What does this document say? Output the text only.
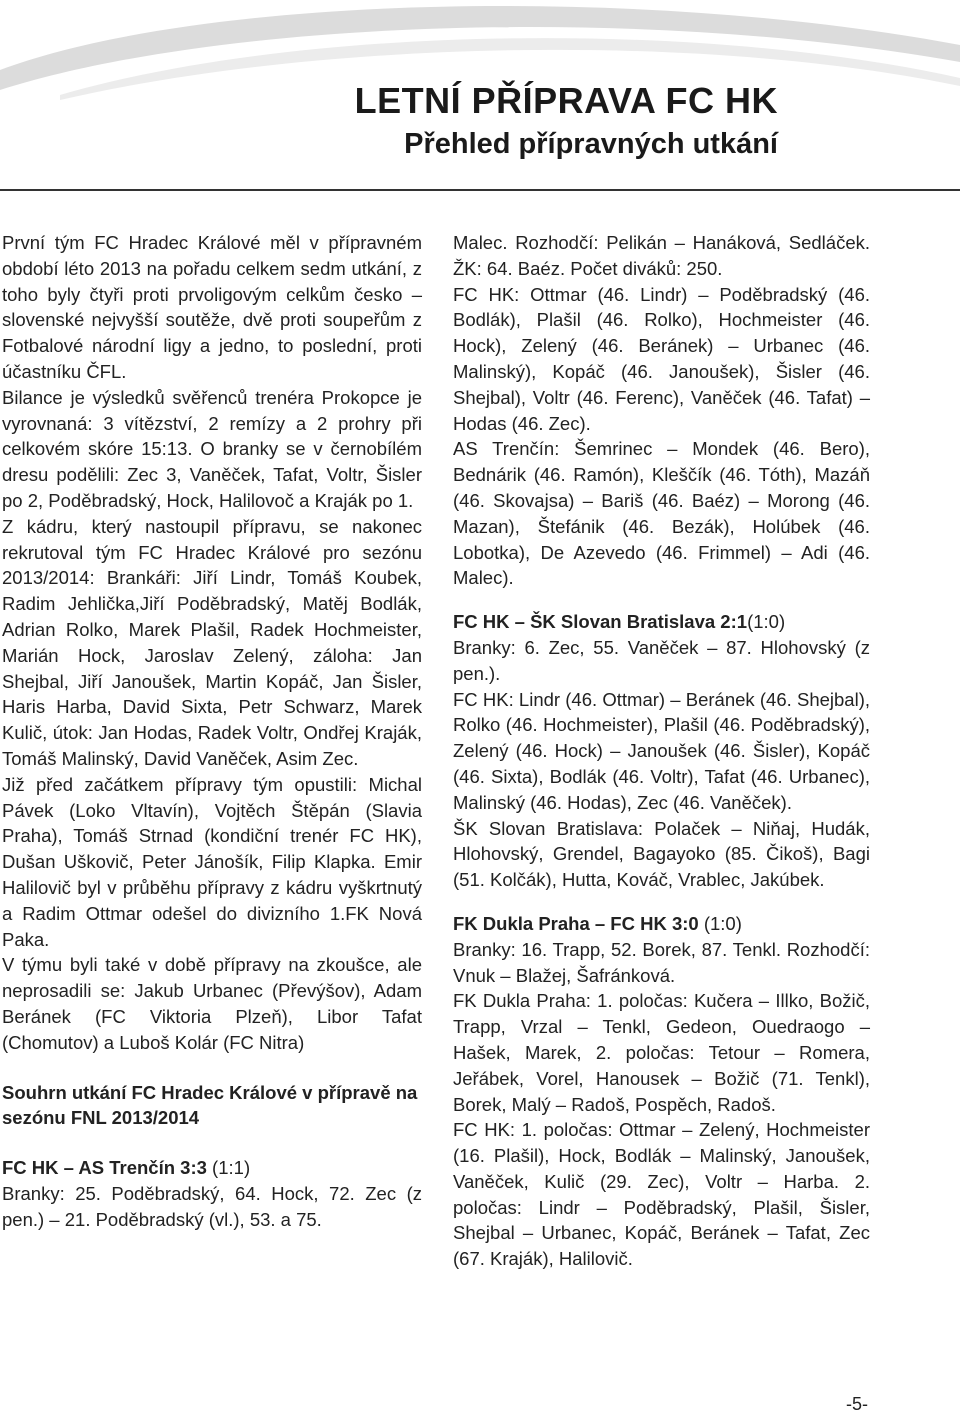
LETNÍ PŘÍPRAVA FC HK
Přehled přípravných utkání

První tým FC Hradec Králové měl v přípravném období léto 2013 na pořadu celkem sedm utkání, z toho byly čtyři proti prvoligovým celkům česko – slovenské nejvyšší soutěže, dvě proti soupeřům z Fotbalové národní ligy a jedno, to poslední, proti účastníku ČFL.

Bilance je výsledků svěřenců trenéra Prokopce je vyrovnaná: 3 vítězství, 2 remízy a 2 prohry při celkovém skóre 15:13. O branky se v černobílém dresu podělili: Zec 3, Vaněček, Tafat, Voltr, Šisler po 2, Poděbradský, Hock, Halilovoč a Kraják po 1.

Z kádru, který nastoupil přípravu, se nakonec rekrutoval tým FC Hradec Králové pro sezónu 2013/2014: Brankáři: Jiří Lindr, Tomáš Koubek, Radim Jehlička,Jiří Poděbradský, Matěj Bodlák, Adrian Rolko, Marek Plašil, Radek Hochmeister, Marián Hock, Jaroslav Zelený, záloha: Jan Shejbal, Jiří Janoušek, Martin Kopáč, Jan Šisler, Haris Harba, David Sixta, Petr Schwarz, Marek Kulič, útok: Jan Hodas, Radek Voltr, Ondřej Kraják, Tomáš Malinský, David Vaněček, Asim Zec.

Již před začátkem přípravy tým opustili: Michal Pávek (Loko Vltavín), Vojtěch Štěpán (Slavia Praha), Tomáš Strnad (kondiční trenér FC HK), Dušan Uškovič, Peter Jánošík, Filip Klapka. Emir Halilovič byl v průběhu přípravy z kádru vyškrtnutý a Radim Ottmar odešel do divizního 1.FK Nová Paka.

V týmu byli také v době přípravy na zkoušce, ale neprosadili se: Jakub Urbanec (Převýšov), Adam Beránek (FC Viktoria Plzeň), Libor Tafat (Chomutov) a Luboš Kolár (FC Nitra)

Souhrn utkání FC Hradec Králové v přípravě na sezónu FNL 2013/2014

FC HK – AS Trenčín 3:3 (1:1)

Branky: 25. Poděbradský, 64. Hock, 72. Zec (z pen.) – 21. Poděbradský (vl.), 53. a 75.

Malec. Rozhodčí: Pelikán – Hanáková, Sedláček. ŽK: 64. Baéz. Počet diváků: 250.

FC HK: Ottmar (46. Lindr) – Poděbradský (46. Bodlák), Plašil (46. Rolko), Hochmeister (46. Hock), Zelený (46. Beránek) – Urbanec (46. Malinský), Kopáč (46. Janoušek), Šisler (46. Shejbal), Voltr (46. Ferenc), Vaněček (46. Tafat) – Hodas (46. Zec).

AS Trenčín: Šemrinec – Mondek (46. Bero), Bednárik (46. Ramón), Kleščík (46. Tóth), Mazáň (46. Skovajsa) – Bariš (46. Baéz) – Morong (46. Mazan), Štefánik (46. Bezák), Holúbek (46. Lobotka), De Azevedo (46. Frimmel) – Adi (46. Malec).

FC HK – ŠK Slovan Bratislava 2:1(1:0)

Branky: 6. Zec, 55. Vaněček – 87. Hlohovský (z pen.).

FC HK: Lindr (46. Ottmar) – Beránek (46. Shejbal), Rolko (46. Hochmeister), Plašil (46. Poděbradský), Zelený (46. Hock) – Janoušek (46. Šisler), Kopáč (46. Sixta), Bodlák (46. Voltr), Tafat (46. Urbanec), Malinský (46. Hodas), Zec (46. Vaněček).

ŠK Slovan Bratislava: Polaček – Niňaj, Hudák, Hlohovský, Grendel, Bagayoko (85. Čikoš), Bagi (51. Kolčák), Hutta, Kováč, Vrablec, Jakúbek.

FK Dukla Praha – FC HK 3:0 (1:0)

Branky: 16. Trapp, 52. Borek, 87. Tenkl. Rozhodčí: Vnuk – Blažej, Šafránková.

FK Dukla Praha: 1. poločas: Kučera – Illko, Božič, Trapp, Vrzal – Tenkl, Gedeon, Ouedraogo – Hašek, Marek, 2. poločas: Tetour – Romera, Jeřábek, Vorel, Hanousek – Božič (71. Tenkl), Borek, Malý – Radoš, Pospěch, Radoš.

FC HK: 1. poločas: Ottmar – Zelený, Hochmeister (16. Plašil), Hock, Bodlák – Malinský, Janoušek, Vaněček, Kulič (29. Zec), Voltr – Harba. 2. poločas: Lindr – Poděbradský, Plašil, Šisler, Shejbal – Urbanec, Kopáč, Beránek – Tafat, Zec (67. Kraják), Halilovič.

-5-
